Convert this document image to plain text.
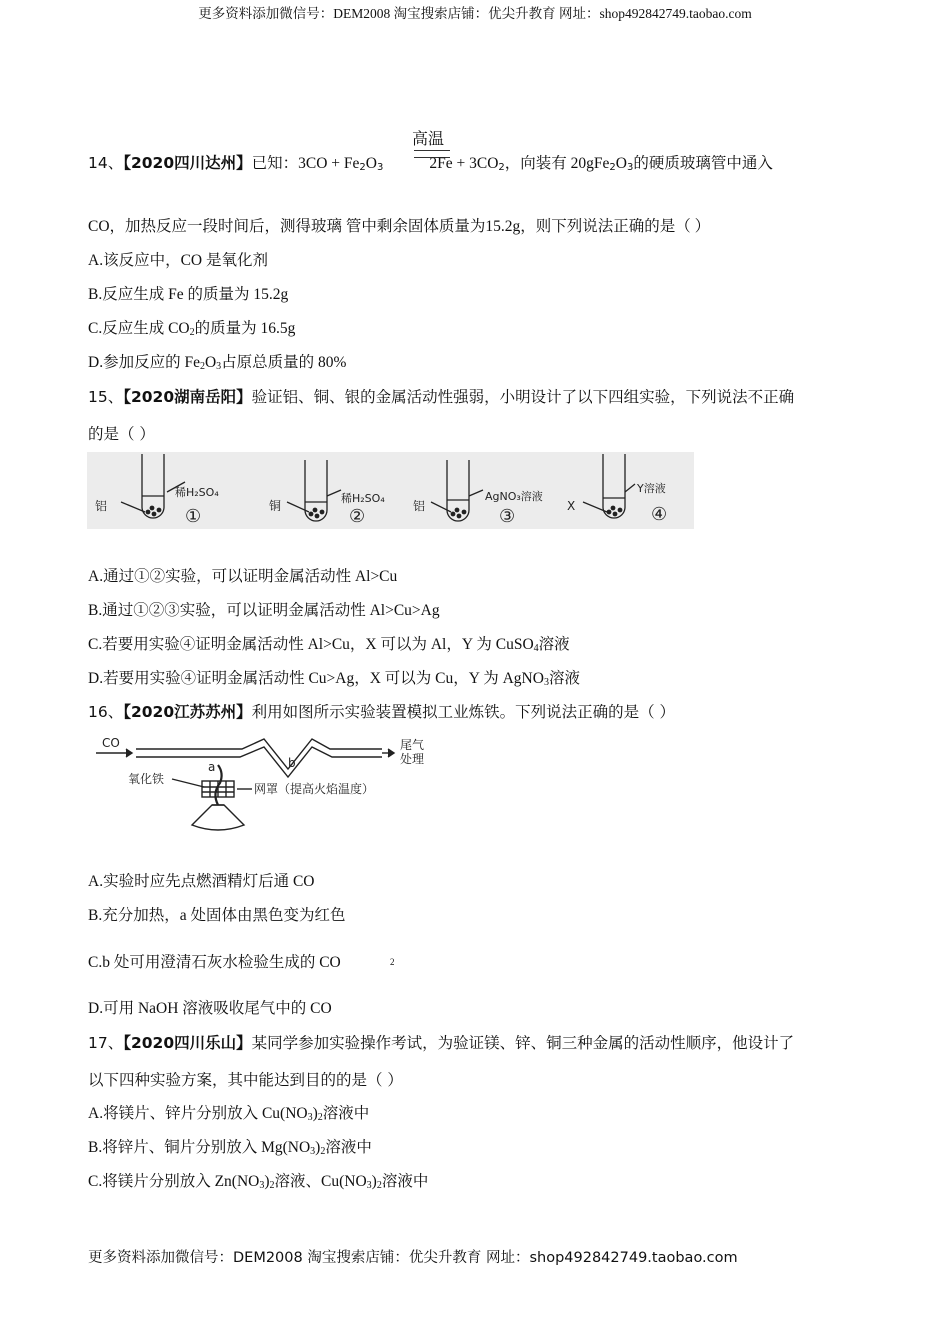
更多资料添加微信号：DEM2008 淘宝搜索店铺：优尖升教育 网址：shop492842749.taobao.com
高温
14、【2020四川达州】已知：$3CO + Fe_2O_3$	$2Fe + 3CO_2$，向装有 $20gFe_2O_3$的硬质玻璃管中通入
CO，加热反应一段时间后，测得玻璃 管中剩余固体质量为15.2g，则下列说法正确的是（ ）
A.该反应中，CO 是氧化剂
B.反应生成 Fe 的质量为 15.2g
C.反应生成 $CO_2$的质量为 16.5g
D.参加反应的 $Fe_2O_3$占原总质量的 80%
15、【2020湖南岳阳】验证铝、铜、银的金属活动性强弱，小明设计了以下四组实验，下列说法不正确
的是（ ）
铝
稀H₂SO₄
①	铜
稀H₂SO₄
②	铝
AgNO₃溶液
③	X
Y溶液
④
A.通过①②实验，可以证明金属活动性 Al>Cu
B.通过①②③实验，可以证明金属活动性 Al>Cu>Ag
C.若要用实验④证明金属活动性 Al>Cu，X 可以为 Al，Y 为 CuSO$_4$溶液
D.若要用实验④证明金属活动性 Cu>Ag，X 可以为 Cu，Y 为 AgNO$_3$溶液
16、【2020江苏苏州】利用如图所示实验装置模拟工业炼铁。下列说法正确的是（ ）
CO
a	b
尾气
处理
氧化铁
网罩（提高火焰温度）
A.实验时应先点燃酒精灯后通 CO
B.充分加热，a 处固体由黑色变为红色
C.b 处可用澄清石灰水检验生成的 CO	2
D.可用 NaOH 溶液吸收尾气中的 CO
17、【2020四川乐山】某同学参加实验操作考试，为验证镁、锌、铜三种金属的活动性顺序，他设计了
以下四种实验方案，其中能达到目的的是（ ）
A.将镁片、锌片分别放入 $Cu(NO_3)_2$溶液中
B.将锌片、铜片分别放入 $Mg(NO_3)_2$溶液中
C.将镁片分别放入 $Zn(NO_3)_2$溶液、$Cu(NO_3)_2$溶液中
更多资料添加微信号：DEM2008 淘宝搜索店铺：优尖升教育 网址：shop492842749.taobao.com
